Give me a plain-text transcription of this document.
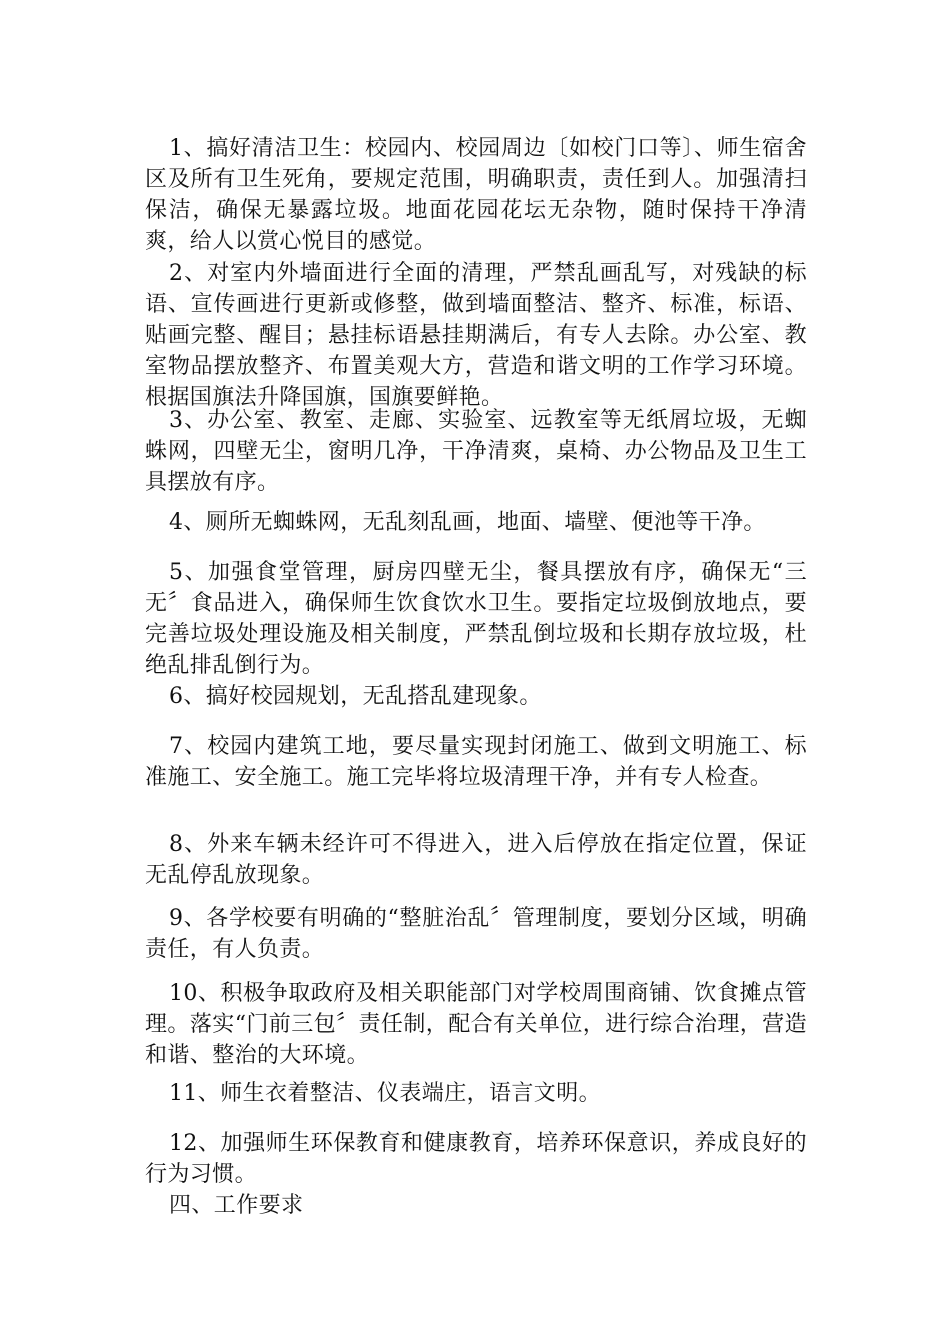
1、搞好清洁卫生：校园内、校园周边〔如校门口等〕、师生宿舍区及所有卫生死角，要规定范围，明确职责，责任到人。加强清扫保洁，确保无暴露垃圾。地面花园花坛无杂物，随时保持干净清爽，给人以赏心悦目的感觉。

2、对室内外墙面进行全面的清理，严禁乱画乱写，对残缺的标语、宣传画进行更新或修整，做到墙面整洁、整齐、标准，标语、贴画完整、醒目；悬挂标语悬挂期满后，有专人去除。办公室、教室物品摆放整齐、布置美观大方，营造和谐文明的工作学习环境。根据国旗法升降国旗，国旗要鲜艳。

3、办公室、教室、走廊、实验室、远教室等无纸屑垃圾，无蜘蛛网，四壁无尘，窗明几净，干净清爽，桌椅、办公物品及卫生工具摆放有序。

4、厕所无蜘蛛网，无乱刻乱画，地面、墙壁、便池等干净。

5、加强食堂管理，厨房四壁无尘，餐具摆放有序，确保无“三无〞食品进入，确保师生饮食饮水卫生。要指定垃圾倒放地点，要完善垃圾处理设施及相关制度，严禁乱倒垃圾和长期存放垃圾，杜绝乱排乱倒行为。

6、搞好校园规划，无乱搭乱建现象。

7、校园内建筑工地，要尽量实现封闭施工、做到文明施工、标准施工、安全施工。施工完毕将垃圾清理干净，并有专人检查。

8、外来车辆未经许可不得进入，进入后停放在指定位置，保证无乱停乱放现象。

9、各学校要有明确的“整脏治乱〞管理制度，要划分区域，明确责任，有人负责。

10、积极争取政府及相关职能部门对学校周围商铺、饮食摊点管理。落实“门前三包〞责任制，配合有关单位，进行综合治理，营造和谐、整治的大环境。

11、师生衣着整洁、仪表端庄，语言文明。

12、加强师生环保教育和健康教育，培养环保意识，养成良好的行为习惯。

四、工作要求
